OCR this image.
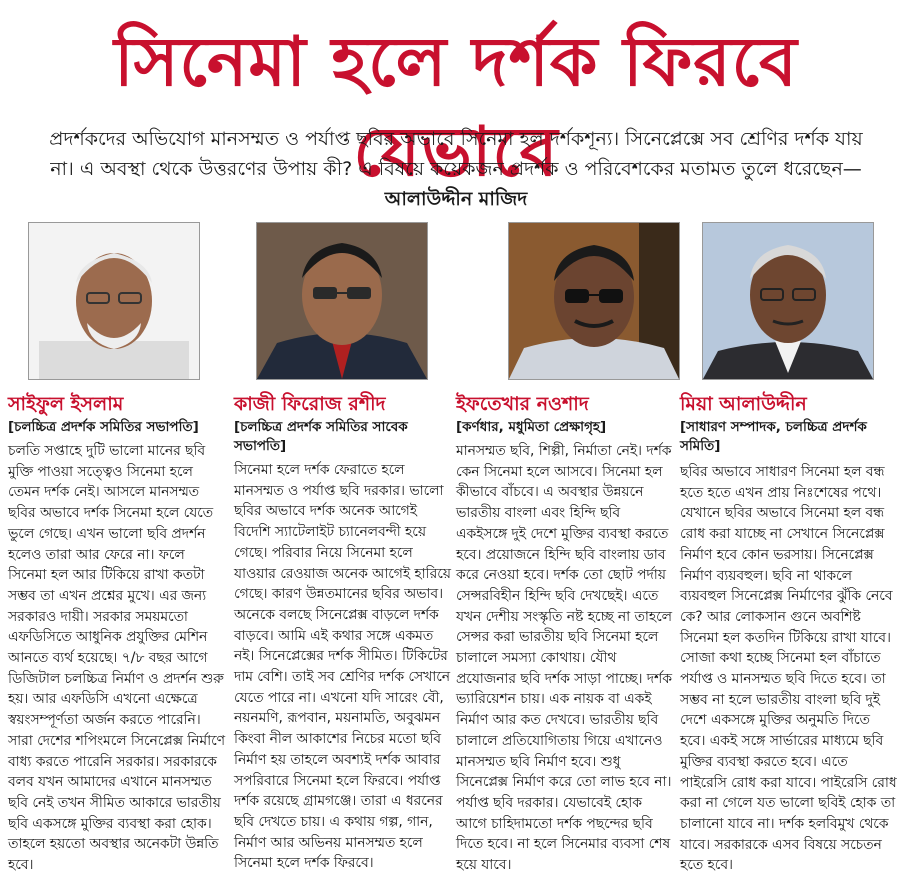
সিনেমা হলে দর্শক ফিরবে যেভাবে
প্রদর্শকদের অভিযোগ মানসম্মত ও পর্যাপ্ত ছবির অভাবে সিনেমা হল দর্শকশূন্য। সিনেপ্লেক্সে সব শ্রেণির দর্শক যায় না। এ অবস্থা থেকে উত্তরণের উপায় কী? এ বিষয়ে কয়েকজন প্রদর্শক ও পরিবেশকের মতামত তুলে ধরেছেন— আলাউদ্দীন মাজিদ
সাইফুল ইসলাম
[চলচ্চিত্র প্রদর্শক সমিতির সভাপতি]
চলতি সপ্তাহে দুটি ভালো মানের ছবি মুক্তি পাওয়া সত্ত্বেও সিনেমা হলে তেমন দর্শক নেই। আসলে মানসম্মত ছবির অভাবে দর্শক সিনেমা হলে যেতে ভুলে গেছে। এখন ভালো ছবি প্রদর্শন হলেও তারা আর ফেরে না। ফলে সিনেমা হল আর টিকিয়ে রাখা কতটা সম্ভব তা এখন প্রশ্নের মুখে। এর জন্য সরকারও দায়ী। সরকার সময়মতো এফডিসিতে আধুনিক প্রযুক্তির মেশিন আনতে ব্যর্থ হয়েছে। ৭/৮ বছর আগে ডিজিটাল চলচ্চিত্র নির্মাণ ও প্রদর্শন শুরু হয়। আর এফডিসি এখনো এক্ষেত্রে স্বয়ংসম্পূর্ণতা অর্জন করতে পারেনি। সারা দেশের শপিংমলে সিনেপ্লেক্স নির্মাণে বাধ্য করতে পারেনি সরকার। সরকারকে বলব যখন আমাদের এখানে মানসম্মত ছবি নেই তখন সীমিত আকারে ভারতীয় ছবি একসঙ্গে মুক্তির ব্যবস্থা করা হোক। তাহলে হয়তো অবস্থার অনেকটা উন্নতি হবে।
কাজী ফিরোজ রশীদ
[চলচ্চিত্র প্রদর্শক সমিতির সাবেক সভাপতি]
সিনেমা হলে দর্শক ফেরাতে হলে মানসম্মত ও পর্যাপ্ত ছবি দরকার। ভালো ছবির অভাবে দর্শক অনেক আগেই বিদেশি স্যাটেলাইট চ্যানেলবন্দী হয়ে গেছে। পরিবার নিয়ে সিনেমা হলে যাওয়ার রেওয়াজ অনেক আগেই হারিয়ে গেছে। কারণ উন্নতমানের ছবির অভাব। অনেকে বলছে সিনেপ্লেক্স বাড়লে দর্শক বাড়বে। আমি এই কথার সঙ্গে একমত নই। সিনেপ্লেক্সের দর্শক সীমিত। টিকিটের দাম বেশি। তাই সব শ্রেণির দর্শক সেখানে যেতে পারে না। এখনো যদি সারেং বৌ, নয়নমণি, রূপবান, ময়নামতি, অবুঝমন কিংবা নীল আকাশের নিচের মতো ছবি নির্মাণ হয় তাহলে অবশ্যই দর্শক আবার সপরিবারে সিনেমা হলে ফিরবে। পর্যাপ্ত দর্শক রয়েছে গ্রামগঞ্জে। তারা এ ধরনের ছবি দেখতে চায়। এ কথায় গল্প, গান, নির্মাণ আর অভিনয় মানসম্মত হলে সিনেমা হলে দর্শক ফিরবে।
ইফতেখার নওশাদ
[কর্ণধার, মধুমিতা প্রেক্ষাগৃহ]
মানসম্মত ছবি, শিল্পী, নির্মাতা নেই। দর্শক কেন সিনেমা হলে আসবে। সিনেমা হল কীভাবে বাঁচবে। এ অবস্থার উন্নয়নে ভারতীয় বাংলা এবং হিন্দি ছবি একইসঙ্গে দুই দেশে মুক্তির ব্যবস্থা করতে হবে। প্রয়োজনে হিন্দি ছবি বাংলায় ডাব করে নেওয়া হবে। দর্শক তো ছোট পর্দায় সেন্সরবিহীন হিন্দি ছবি দেখছেই। এতে যখন দেশীয় সংস্কৃতি নষ্ট হচ্ছে না তাহলে সেন্সর করা ভারতীয় ছবি সিনেমা হলে চালালে সমস্যা কোথায়। যৌথ প্রযোজনার ছবি দর্শক সাড়া পাচ্ছে। দর্শক ভ্যারিয়েশন চায়। এক নায়ক বা একই নির্মাণ আর কত দেখবে। ভারতীয় ছবি চালালে প্রতিযোগিতায় গিয়ে এখানেও মানসম্মত ছবি নির্মাণ হবে। শুধু সিনেপ্লেক্স নির্মাণ করে তো লাভ হবে না। পর্যাপ্ত ছবি দরকার। যেভাবেই হোক আগে চাহিদামতো দর্শক পছন্দের ছবি দিতে হবে। না হলে সিনেমার ব্যবসা শেষ হয়ে যাবে।
মিয়া আলাউদ্দীন
[সাধারণ সম্পাদক, চলচ্চিত্র প্রদর্শক সমিতি]
ছবির অভাবে সাধারণ সিনেমা হল বন্ধ হতে হতে এখন প্রায় নিঃশেষের পথে। যেখানে ছবির অভাবে সিনেমা হল বন্ধ রোধ করা যাচ্ছে না সেখানে সিনেপ্লেক্স নির্মাণ হবে কোন ভরসায়। সিনেপ্লেক্স নির্মাণ ব্যয়বহুল। ছবি না থাকলে ব্যয়বহুল সিনেপ্লেক্স নির্মাণের ঝুঁকি নেবে কে? আর লোকসান গুনে অবশিষ্ট সিনেমা হল কতদিন টিকিয়ে রাখা যাবে। সোজা কথা হচ্ছে সিনেমা হল বাঁচাতে পর্যাপ্ত ও মানসম্মত ছবি দিতে হবে। তা সম্ভব না হলে ভারতীয় বাংলা ছবি দুই দেশে একসঙ্গে মুক্তির অনুমতি দিতে হবে। একই সঙ্গে সার্ভারের মাধ্যমে ছবি মুক্তির ব্যবস্থা করতে হবে। এতে পাইরেসি রোধ করা যাবে। পাইরেসি রোধ করা না গেলে যত ভালো ছবিই হোক তা চালানো যাবে না। দর্শক হলবিমুখ থেকে যাবে। সরকারকে এসব বিষয়ে সচেতন হতে হবে।
